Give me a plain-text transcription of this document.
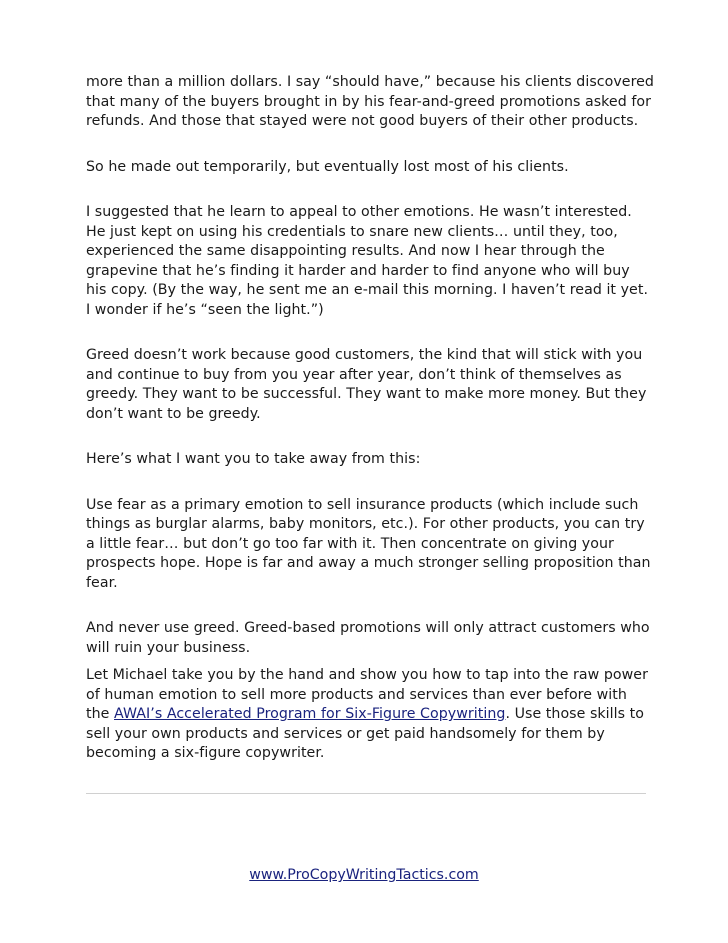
more than a million dollars. I say “should have,” because his clients discovered that many of the buyers brought in by his fear-and-greed promotions asked for refunds. And those that stayed were not good buyers of their other products.

So he made out temporarily, but eventually lost most of his clients.

I suggested that he learn to appeal to other emotions. He wasn’t interested. He just kept on using his credentials to snare new clients… until they, too, experienced the same disappointing results. And now I hear through the grapevine that he’s finding it harder and harder to find anyone who will buy his copy. (By the way, he sent me an e-mail this morning. I haven’t read it yet. I wonder if he’s “seen the light.”)

Greed doesn’t work because good customers, the kind that will stick with you and continue to buy from you year after year, don’t think of themselves as greedy. They want to be successful. They want to make more money. But they don’t want to be greedy.

Here’s what I want you to take away from this:

Use fear as a primary emotion to sell insurance products (which include such things as burglar alarms, baby monitors, etc.). For other products, you can try a little fear… but don’t go too far with it. Then concentrate on giving your prospects hope. Hope is far and away a much stronger selling proposition than fear.

And never use greed. Greed-based promotions will only attract customers who will ruin your business.

Let Michael take you by the hand and show you how to tap into the raw power of human emotion to sell more products and services than ever before with the AWAI’s Accelerated Program for Six-Figure Copywriting. Use those skills to sell your own products and services or get paid handsomely for them by becoming a six-figure copywriter.

www.ProCopyWritingTactics.com
